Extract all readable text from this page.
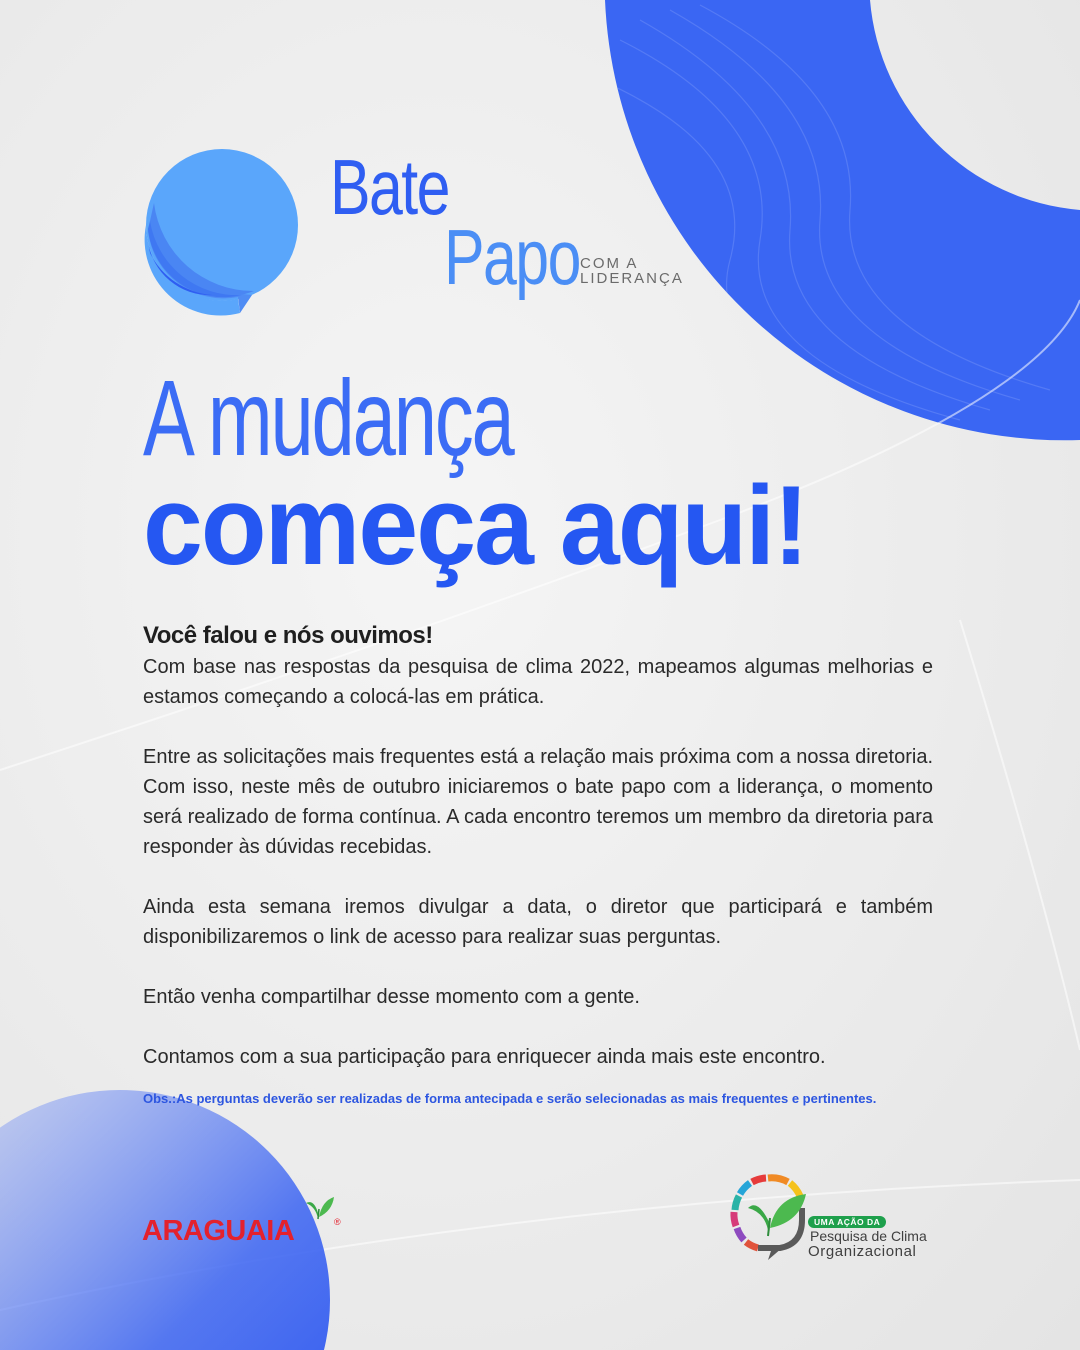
Bate
Papo COM A
LIDERANÇA
A mudança
começa aqui!
Você falou e nós ouvimos!

Com base nas respostas da pesquisa de clima 2022, mapeamos algumas melhorias e estamos começando a colocá-las em prática.

Entre as solicitações mais frequentes está a relação mais próxima com a nossa diretoria. Com isso, neste mês de outubro iniciaremos o bate papo com a liderança, o momento será realizado de forma contínua. A cada encontro teremos um membro da diretoria para responder às dúvidas recebidas.

Ainda esta semana iremos divulgar a data, o diretor que participará e também disponibilizaremos o link de acesso para realizar suas perguntas.

Então venha compartilhar desse momento com a gente.

Contamos com a sua participação para enriquecer ainda mais este encontro.

Obs.:As perguntas deverão ser realizadas de forma antecipada e serão selecionadas as mais frequentes e pertinentes.
ARAGUAIA	®	UMA AÇÃO DA
Pesquisa de Clima
Organizacional
